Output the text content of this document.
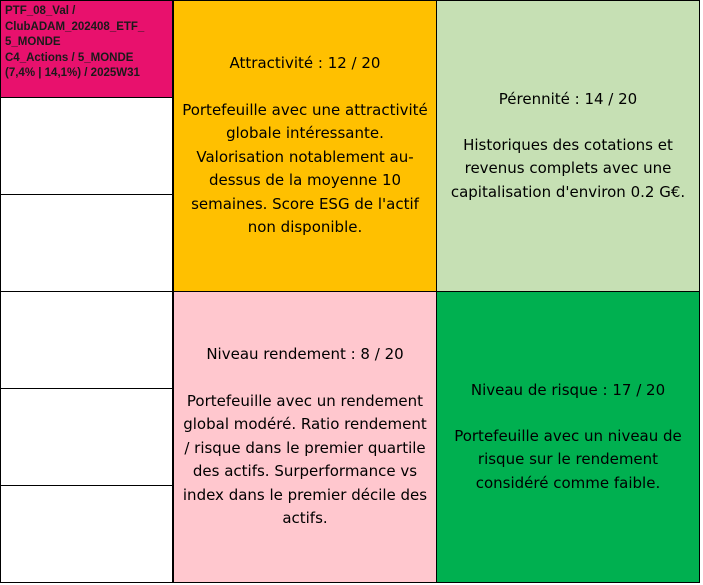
PTF_08_Val /
ClubADAM_202408_ETF_
5_MONDE
C4_Actions / 5_MONDE
(7,4% | 14,1%) / 2025W31
Attractivité : 12 / 20
Portefeuille avec une attractivité
globale intéressante.
Valorisation notablement au-
dessus de la moyenne 10
semaines. Score ESG de l'actif
non disponible.
Pérennité : 14 / 20
Historiques des cotations et
revenus complets avec une
capitalisation d'environ 0.2 G€.
Niveau rendement : 8 / 20
Portefeuille avec un rendement
global modéré. Ratio rendement
/ risque dans le premier quartile
des actifs. Surperformance vs
index dans le premier décile des
actifs.
Niveau de risque : 17 / 20
Portefeuille avec un niveau de
risque sur le rendement
considéré comme faible.
